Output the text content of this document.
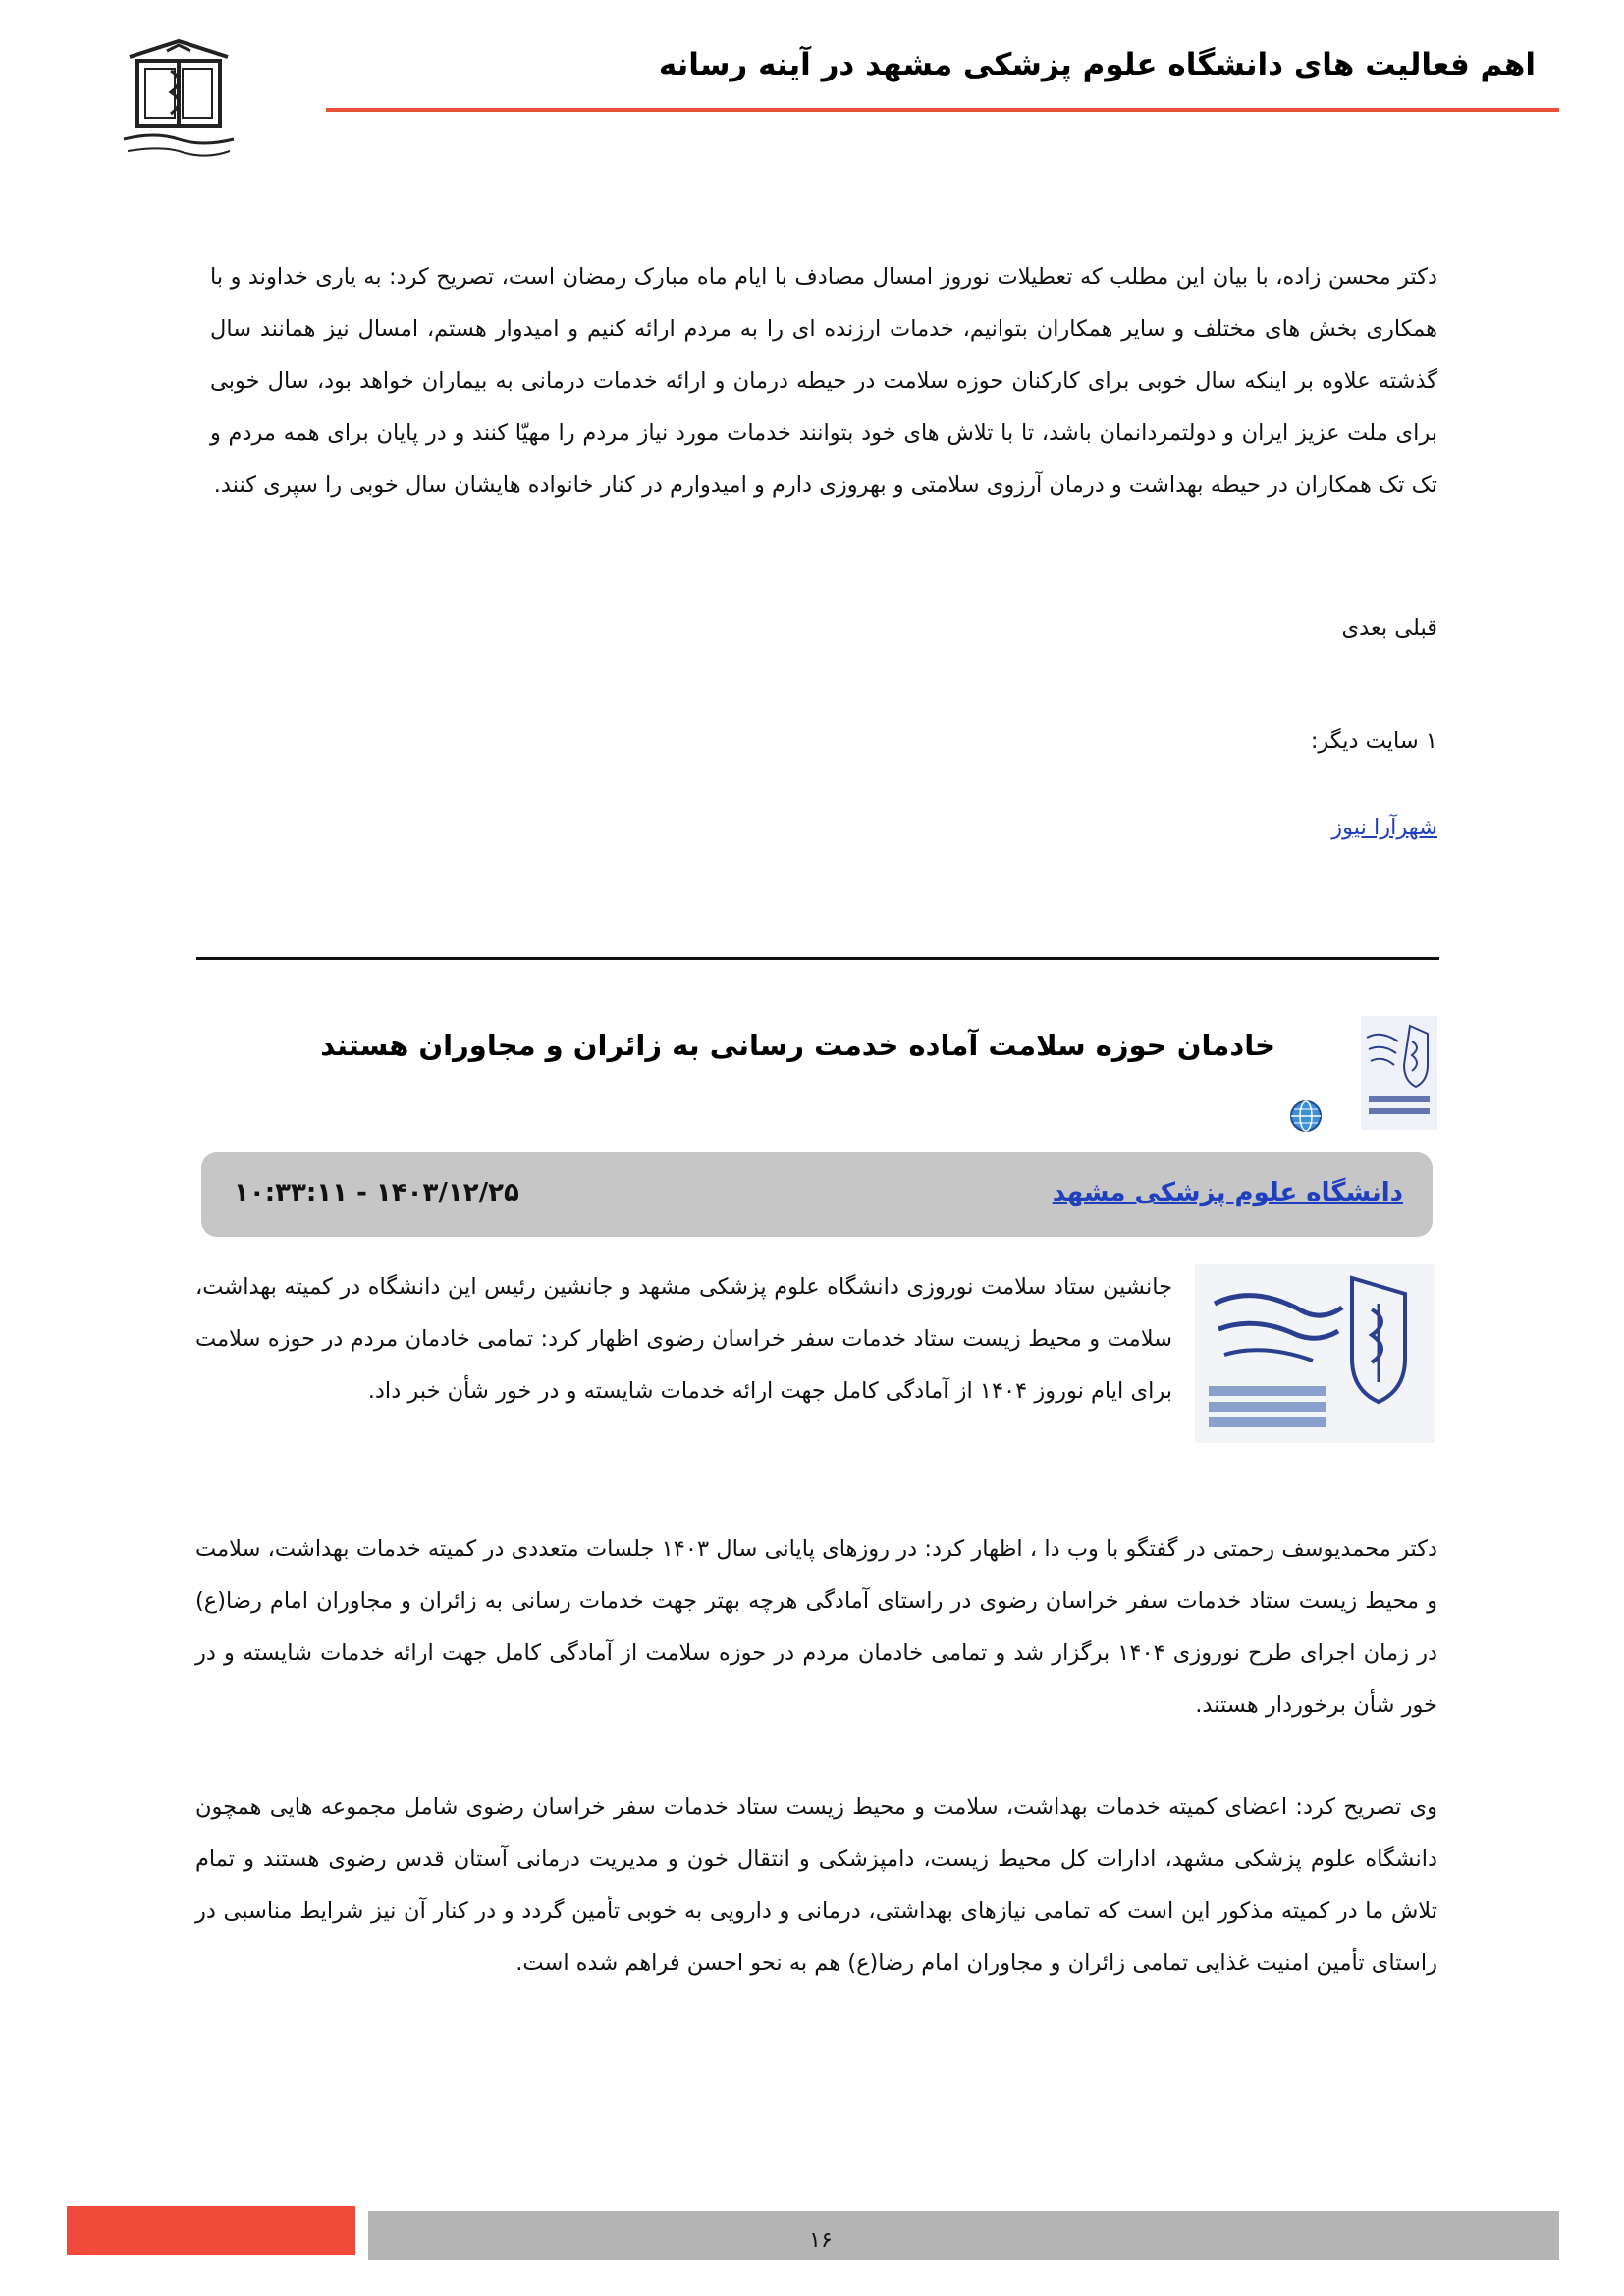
اهم فعالیت های دانشگاه علوم پزشکی مشهد در آینه رسانه
دکتر محسن زاده، با بیان این مطلب که تعطیلات نوروز امسال مصادف با ایام ماه مبارک رمضان است، تصریح کرد: به یاری خداوند و با همکاری بخش های مختلف و سایر همکاران بتوانیم، خدمات ارزنده ای را به مردم ارائه کنیم و امیدوار هستم، امسال نیز همانند سال گذشته علاوه بر اینکه سال خوبی برای کارکنان حوزه سلامت در حیطه درمان و ارائه خدمات درمانی به بیماران خواهد بود، سال خوبی برای ملت عزیز ایران و دولتمردانمان باشد، تا با تلاش های خود بتوانند خدمات مورد نیاز مردم را مهیّا کنند و در پایان برای همه مردم و تک تک همکاران در حیطه بهداشت و درمان آرزوی سلامتی و بهروزی دارم و امیدوارم در کنار خانواده هایشان سال خوبی را سپری کنند.
قبلی بعدی
۱ سایت دیگر:
شهرآرا نیوز
خادمان حوزه سلامت آماده خدمت رسانی به زائران و مجاوران هستند
دانشگاه علوم پزشکی مشهد
۱۴۰۳/۱۲/۲۵ - ۱۰:۳۳:۱۱
جانشین ستاد سلامت نوروزی دانشگاه علوم پزشکی مشهد و جانشین رئیس این دانشگاه در کمیته بهداشت، سلامت و محیط زیست ستاد خدمات سفر خراسان رضوی اظهار کرد: تمامی خادمان مردم در حوزه سلامت برای ایام نوروز ۱۴۰۴ از آمادگی کامل جهت ارائه خدمات شایسته و در خور شأن خبر داد.
دکتر محمدیوسف رحمتی در گفتگو با وب دا ، اظهار کرد: در روزهای پایانی سال ۱۴۰۳ جلسات متعددی در کمیته خدمات بهداشت، سلامت و محیط زیست ستاد خدمات سفر خراسان رضوی در راستای آمادگی هرچه بهتر جهت خدمات رسانی به زائران و مجاوران امام رضا(ع) در زمان اجرای طرح نوروزی ۱۴۰۴ برگزار شد و تمامی خادمان مردم در حوزه سلامت از آمادگی کامل جهت ارائه خدمات شایسته و در خور شأن برخوردار هستند.
وی تصریح کرد: اعضای کمیته خدمات بهداشت، سلامت و محیط زیست ستاد خدمات سفر خراسان رضوی شامل مجموعه هایی همچون دانشگاه علوم پزشکی مشهد، ادارات کل محیط زیست، دامپزشکی و انتقال خون و مدیریت درمانی آستان قدس رضوی هستند و تمام تلاش ما در کمیته مذکور این است که تمامی نیازهای بهداشتی، درمانی و دارویی به خوبی تأمین گردد و در کنار آن نیز شرایط مناسبی در راستای تأمین امنیت غذایی تمامی زائران و مجاوران امام رضا(ع) هم به نحو احسن فراهم شده است.
۱۶
